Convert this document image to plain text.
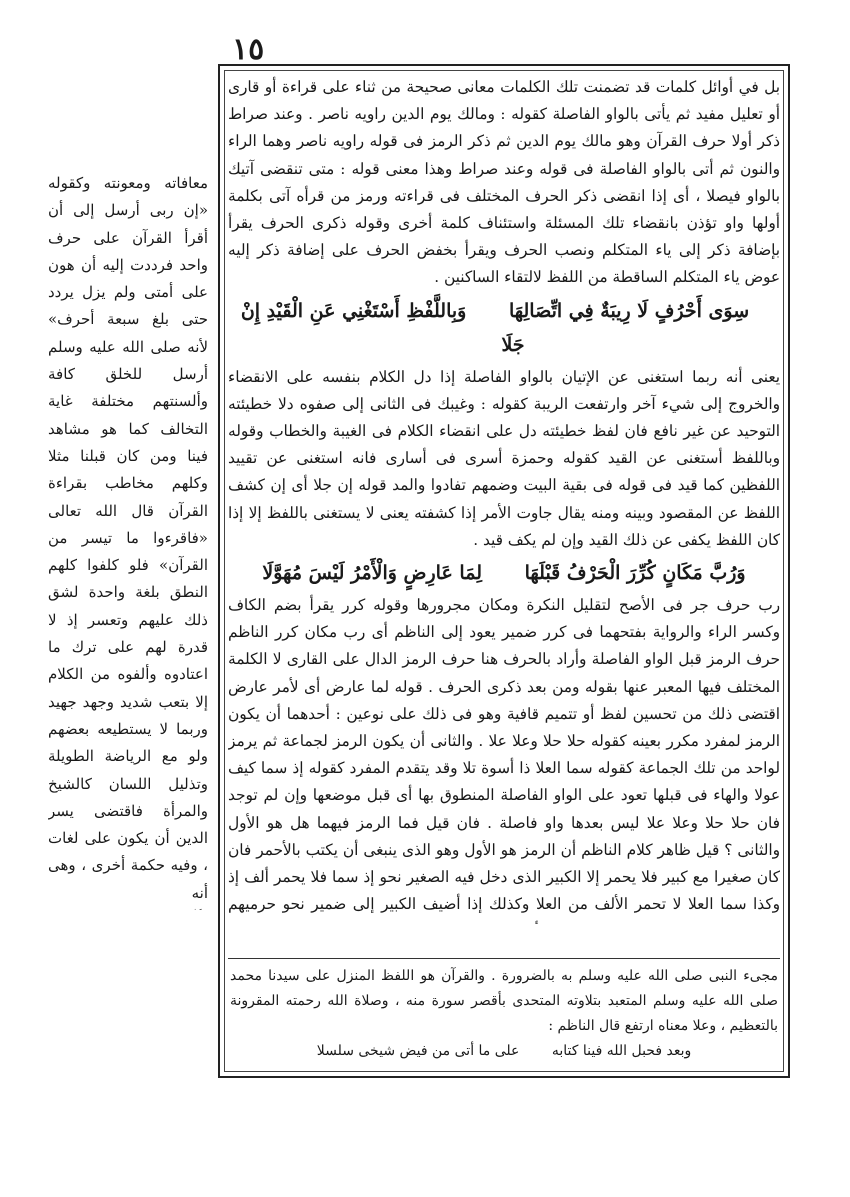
١٥

بل في أوائل كلمات قد تضمنت تلك الكلمات معانى صحيحة من ثناء على قراءة أو قارى أو تعليل مفيد ثم يأتى بالواو الفاصلة كقوله : ومالك يوم الدين راويه ناصر . وعند صراط ذكر أولا حرف القرآن وهو مالك يوم الدين ثم ذكر الرمز فى قوله راويه ناصر وهما الراء والنون ثم أتى بالواو الفاصلة فى قوله وعند صراط وهذا معنى قوله : متى تنقضى آتيك بالواو فيصلا ، أى إذا انقضى ذكر الحرف المختلف فى قراءته ورمز من قرأه آتى بكلمة أولها واو تؤذن بانقضاء تلك المسئلة واستئناف كلمة أخرى وقوله ذكرى الحرف يقرأ بإضافة ذكر إلى ياء المتكلم ونصب الحرف ويقرأ بخفض الحرف على إضافة ذكر إليه عوض ياء المتكلم الساقطة من اللفظ لالتقاء الساكنين .

سِوَى أَحْرُفٍ لَا رِيبَةٌ فِي اتِّصَالِهَا وَبِاللَّفْظِ أَسْتَغْنِي عَنِ الْقَيْدِ إِنْ جَلَا

يعنى أنه ربما استغنى عن الإتيان بالواو الفاصلة إذا دل الكلام بنفسه على الانقضاء والخروج إلى شيء آخر وارتفعت الريبة كقوله : وغيبك فى الثانى إلى صفوه دلا خطيئته التوحيد عن غير نافع فان لفظ خطيئته دل على انقضاء الكلام فى الغيبة والخطاب وقوله وباللفظ أستغنى عن القيد كقوله وحمزة أسرى فى أسارى فانه استغنى عن تقييد اللفظين كما قيد فى قوله فى بقية البيت وضمهم تفادوا والمد قوله إن جلا أى إن كشف اللفظ عن المقصود وبينه ومنه يقال جاوت الأمر إذا كشفته يعنى لا يستغنى باللفظ إلا إذا كان اللفظ يكفى عن ذلك القيد وإن لم يكف قيد .

وَرُبَّ مَكَانٍ كُرِّرَ الْحَرْفُ قَبْلَهَا لِمَا عَارِضٍ وَالْأَمْرُ لَيْسَ مُهَوَّلَا

رب حرف جر فى الأصح لتقليل النكرة ومكان مجرورها وقوله كرر يقرأ بضم الكاف وكسر الراء والرواية بفتحهما فى كرر ضمير يعود إلى الناظم أى رب مكان كرر الناظم حرف الرمز قبل الواو الفاصلة وأراد بالحرف هنا حرف الرمز الدال على القارى لا الكلمة المختلف فيها المعبر عنها بقوله ومن بعد ذكرى الحرف . قوله لما عارض أى لأمر عارض اقتضى ذلك من تحسين لفظ أو تتميم قافية وهو فى ذلك على نوعين : أحدهما أن يكون الرمز لمفرد مكرر بعينه كقوله حلا حلا وعلا علا . والثانى أن يكون الرمز لجماعة ثم يرمز لواحد من تلك الجماعة كقوله سما العلا ذا أسوة تلا وقد يتقدم المفرد كقوله إذ سما كيف عولا والهاء فى قبلها تعود على الواو الفاصلة المنطوق بها أى قبل موضعها وإن لم توجد فان حلا حلا وعلا علا ليس بعدها واو فاصلة . فان قيل فما الرمز فيهما هل هو الأول والثانى ؟ قيل ظاهر كلام الناظم أن الرمز هو الأول وهو الذى ينبغى أن يكتب بالأحمر فان كان صغيرا مع كبير فلا يحمر إلا الكبير الذى دخل فيه الصغير نحو إذ سما فلا يحمر ألف إذ وكذا سما العلا لا تحمر الألف من العلا وكذلك إذا أضيف الكبير إلى ضمير نحو حرميهم

مجىء النبى صلى الله عليه وسلم به بالضرورة . والقرآن هو اللفظ المنزل على سيدنا محمد صلى الله عليه وسلم المتعبد بتلاوته المتحدى بأقصر سورة منه ، وصلاة الله رحمته المقرونة بالتعظيم ، وعلا معناه ارتفع قال الناظم :

وبعد فحبل الله فينا كتابه على ما أتى من فيض شيخى سلسلا

معافاته ومعونته وكقوله «إن ربى أرسل إلى أن أقرأ القرآن على حرف واحد فرددت إليه أن هون على أمتى ولم يزل يردد حتى بلغ سبعة أحرف» لأنه صلى الله عليه وسلم أرسل للخلق كافة وألسنتهم مختلفة غاية التخالف كما هو مشاهد فينا ومن كان قبلنا مثلا وكلهم مخاطب بقراءة القرآن قال الله تعالى «فاقرءوا ما تيسر من القرآن» فلو كلفوا كلهم النطق بلغة واحدة لشق ذلك عليهم وتعسر إذ لا قدرة لهم على ترك ما اعتادوه وألفوه من الكلام إلا بتعب شديد وجهد جهيد وربما لا يستطيعه بعضهم ولو مع الرياضة الطويلة وتذليل اللسان كالشيخ والمرأة فاقتضى يسر الدين أن يكون على لغات ، وفيه حكمة أخرى ، وهى أنه
